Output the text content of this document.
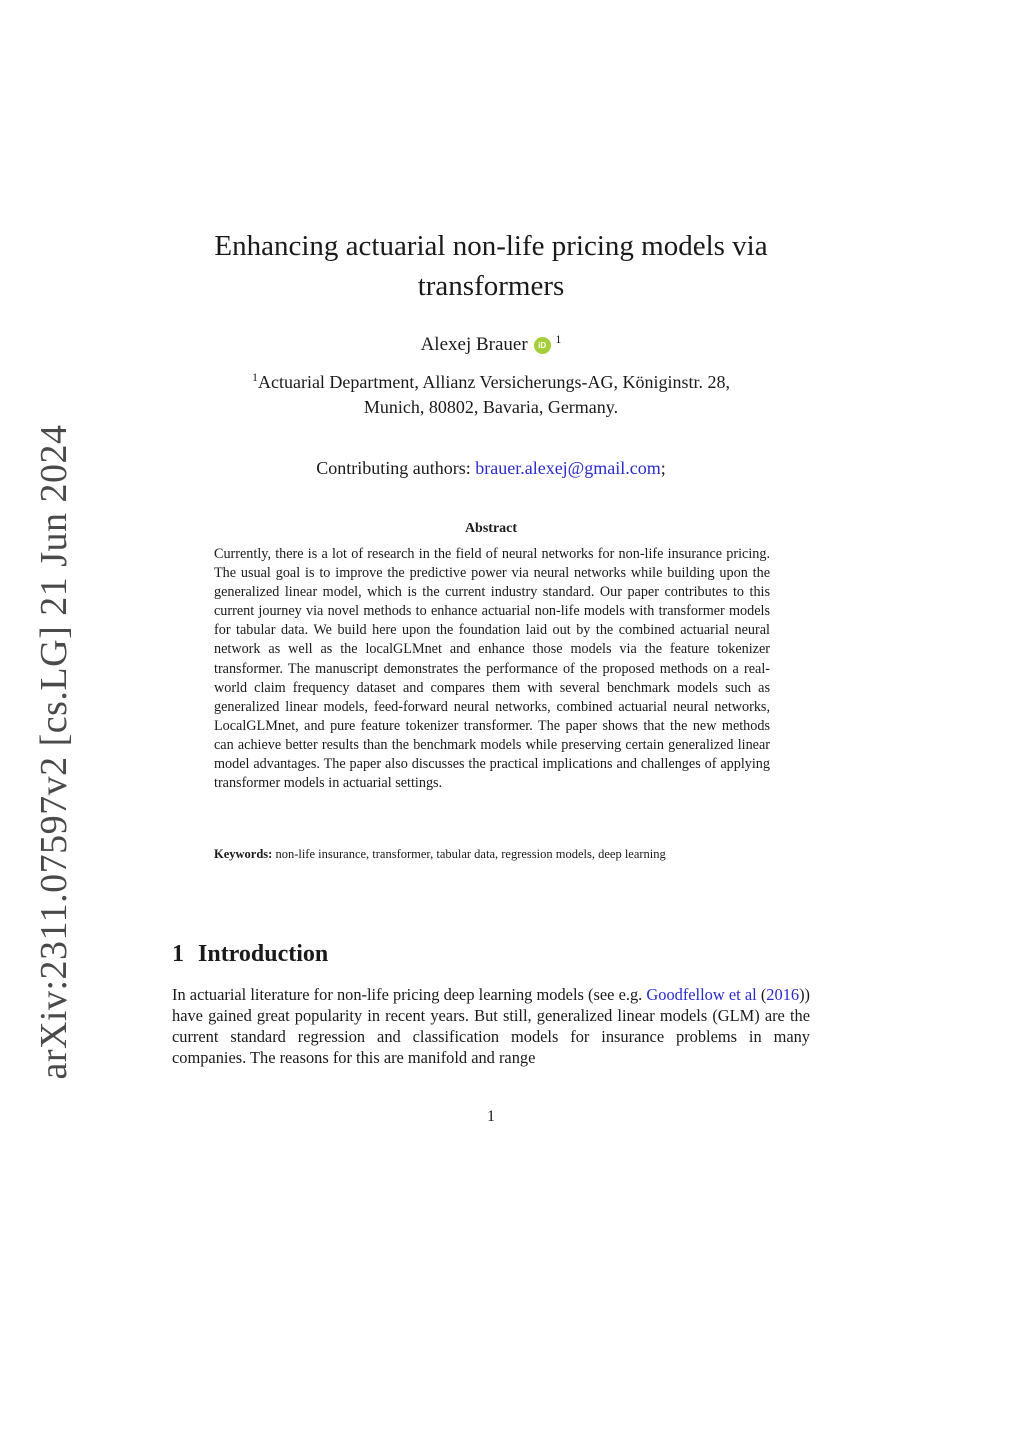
arXiv:2311.07597v2 [cs.LG] 21 Jun 2024
Enhancing actuarial non-life pricing models via
transformers
Alexej Brauer iD $^1$
$^1$Actuarial Department, Allianz Versicherungs-AG, Königinstr. 28,
Munich, 80802, Bavaria, Germany.
Contributing authors: brauer.alexej@gmail.com;
Abstract

Currently, there is a lot of research in the field of neural networks for non-life insurance pricing. The usual goal is to improve the predictive power via neural networks while building upon the generalized linear model, which is the current industry standard. Our paper contributes to this current journey via novel methods to enhance actuarial non-life models with transformer models for tabular data. We build here upon the foundation laid out by the combined actuarial neural network as well as the localGLMnet and enhance those models via the feature tokenizer transformer. The manuscript demonstrates the performance of the proposed methods on a real-world claim frequency dataset and compares them with several benchmark models such as generalized linear models, feed-forward neural networks, combined actuarial neural networks, LocalGLMnet, and pure feature tokenizer transformer. The paper shows that the new methods can achieve better results than the benchmark models while preserving certain generalized linear model advantages. The paper also discusses the practical implications and challenges of applying transformer models in actuarial settings.

Keywords: non-life insurance, transformer, tabular data, regression models, deep learning
1 Introduction

In actuarial literature for non-life pricing deep learning models (see e.g. Goodfellow et al (2016)) have gained great popularity in recent years. But still, generalized linear models (GLM) are the current standard regression and classification models for insurance problems in many companies. The reasons for this are manifold and range

1
